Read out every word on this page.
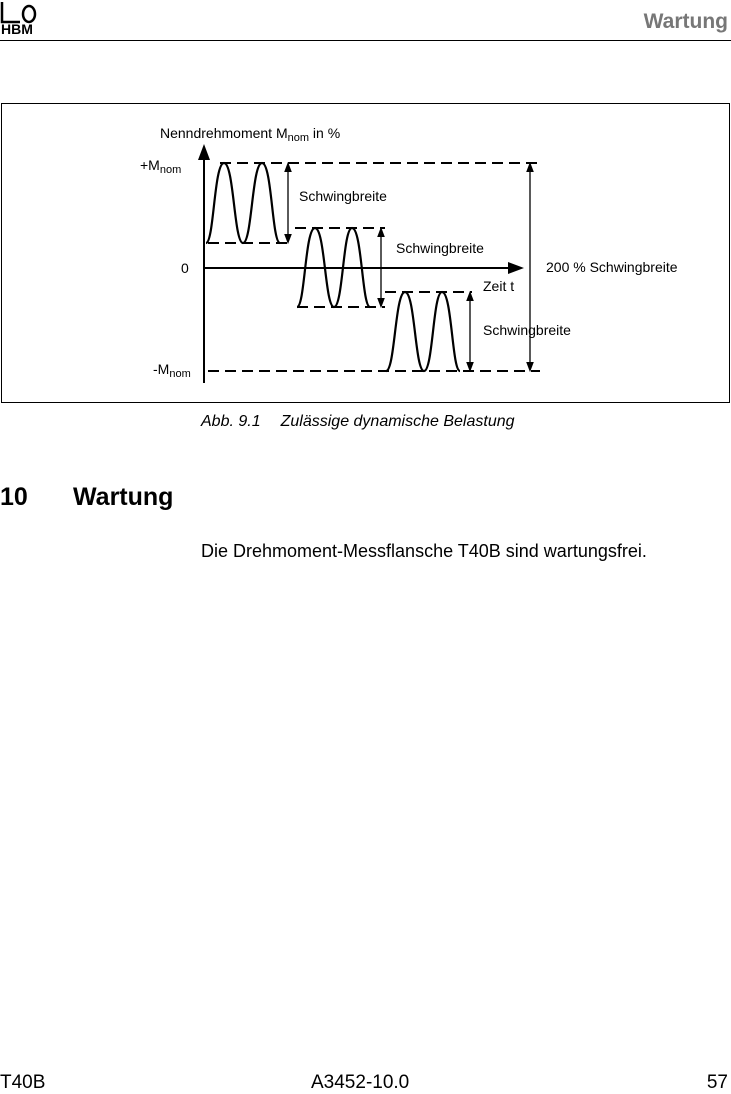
HBM	Wartung
Nenndrehmoment $M_{nom}$ in %
$+M_{nom}$
0
$-M_{nom}$
Schwingbreite
Schwingbreite
Schwingbreite
Zeit t
200 % Schwingbreite
Abb. 9.1 Zulässige dynamische Belastung
10 Wartung
Die Drehmoment-Messflansche T40B sind wartungsfrei.
T40B	A3452-10.0	57
